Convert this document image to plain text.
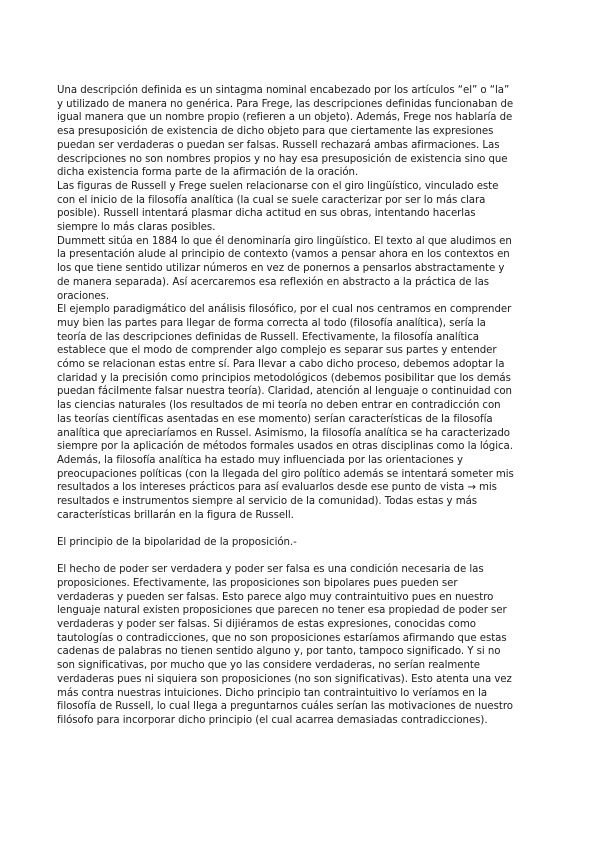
Una descripción definida es un sintagma nominal encabezado por los artículos “el” o “la” y utilizado de manera no genérica. Para Frege, las descripciones definidas funcionaban de igual manera que un nombre propio (refieren a un objeto). Además, Frege nos hablaría de esa presuposición de existencia de dicho objeto para que ciertamente las expresiones puedan ser verdaderas o puedan ser falsas. Russell rechazará ambas afirmaciones. Las descripciones no son nombres propios y no hay esa presuposición de existencia sino que dicha existencia forma parte de la afirmación de la oración.

Las figuras de Russell y Frege suelen relacionarse con el giro lingüístico, vinculado este con el inicio de la filosofía analítica (la cual se suele caracterizar por ser lo más clara posible). Russell intentará plasmar dicha actitud en sus obras, intentando hacerlas siempre lo más claras posibles.

Dummett sitúa en 1884 lo que él denominaría giro lingüístico. El texto al que aludimos en la presentación alude al principio de contexto (vamos a pensar ahora en los contextos en los que tiene sentido utilizar números en vez de ponernos a pensarlos abstractamente y de manera separada). Así acercaremos esa reflexión en abstracto a la práctica de las oraciones.

El ejemplo paradigmático del análisis filosófico, por el cual nos centramos en comprender muy bien las partes para llegar de forma correcta al todo (filosofía analítica), sería la teoría de las descripciones definidas de Russell. Efectivamente, la filosofía analítica establece que el modo de comprender algo complejo es separar sus partes y entender cómo se relacionan estas entre sí. Para llevar a cabo dicho proceso, debemos adoptar la claridad y la precisión como principios metodológicos (debemos posibilitar que los demás puedan fácilmente falsar nuestra teoría). Claridad, atención al lenguaje o continuidad con las ciencias naturales (los resultados de mi teoría no deben entrar en contradicción con las teorías científicas asentadas en ese momento) serían características de la filosofía analítica que apreciaríamos en Russel. Asimismo, la filosofía analítica se ha caracterizado siempre por la aplicación de métodos formales usados en otras disciplinas como la lógica. Además, la filosofía analítica ha estado muy influenciada por las orientaciones y preocupaciones políticas (con la llegada del giro político además se intentará someter mis resultados a los intereses prácticos para así evaluarlos desde ese punto de vista → mis resultados e instrumentos siempre al servicio de la comunidad). Todas estas y más características brillarán en la figura de Russell.

El principio de la bipolaridad de la proposición.-

El hecho de poder ser verdadera y poder ser falsa es una condición necesaria de las proposiciones. Efectivamente, las proposiciones son bipolares pues pueden ser verdaderas y pueden ser falsas. Esto parece algo muy contraintuitivo pues en nuestro lenguaje natural existen proposiciones que parecen no tener esa propiedad de poder ser verdaderas y poder ser falsas. Si dijiéramos de estas expresiones, conocidas como tautologías o contradicciones, que no son proposiciones estaríamos afirmando que estas cadenas de palabras no tienen sentido alguno y, por tanto, tampoco significado. Y si no son significativas, por mucho que yo las considere verdaderas, no serían realmente verdaderas pues ni siquiera son proposiciones (no son significativas). Esto atenta una vez más contra nuestras intuiciones. Dicho principio tan contraintuitivo lo veríamos en la filosofía de Russell, lo cual llega a preguntarnos cuáles serían las motivaciones de nuestro filósofo para incorporar dicho principio (el cual acarrea demasiadas contradicciones).
